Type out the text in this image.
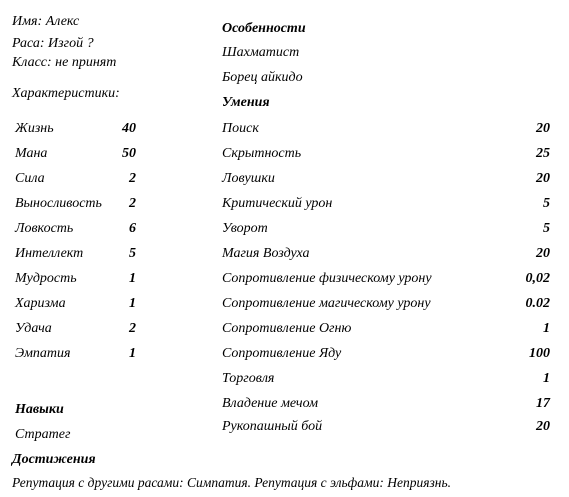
Имя: Алекс
Раса: Изгой ?
Класс: не принят
Характеристики:
Жизнь	40
Мана	50
Сила	2
Выносливость	2
Ловкость	6
Интеллект	5
Мудрость	1
Харизма	1
Удача	2
Эмпатия	1
Особенности
Шахматист
Борец айкидо
Умения
Поиск	20
Скрытность	25
Ловушки	20
Критический урон	5
Уворот	5
Магия Воздуха	20
Сопротивление физическому урону	0,02
Сопротивление магическому урону	0.02
Сопротивление Огню	1
Сопротивление Яду	100
Торговля	1
Владение мечом	17
Рукопашный бой	20
Навыки
Стратег
Достижения
Репутация с другими расами: Симпатия. Репутация с эльфами: Неприязнь.
